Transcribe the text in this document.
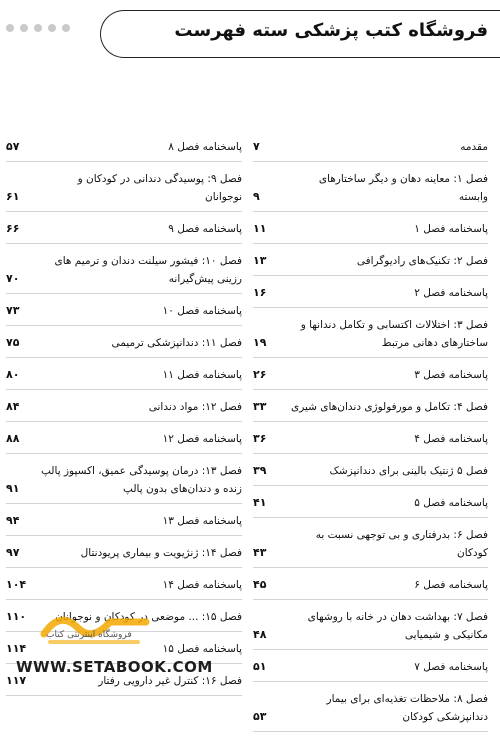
فروشگاه کتب پزشکی سته فهرست
مقدمه
۷
فصل ۱: معاینه دهان و دیگر ساختارهای وابسته
۹
پاسخنامه فصل ۱
۱۱
فصل ۲: تکنیک‌های رادیوگرافی
۱۳
پاسخنامه فصل ۲
۱۶
فصل ۳: اختلالات اکتسابی و تکامل دندانها و ساختارهای دهانی مرتبط
۱۹
پاسخنامه فصل ۳
۲۶
فصل ۴: تکامل و مورفولوژی دندان‌های شیری
۳۳
پاسخنامه فصل ۴
۳۶
فصل ۵ ژنتیک بالینی برای دندانپزشک
۳۹
پاسخنامه فصل ۵
۴۱
فصل ۶: بدرفتاری و بی توجهی نسبت به کودکان
۴۳
پاسخنامه فصل ۶
۴۵
فصل ۷: بهداشت دهان در خانه با روشهای مکانیکی و شیمیایی
۴۸
پاسخنامه فصل ۷
۵۱
فصل ۸: ملاحظات تغذیه‌ای برای بیمار دندانپزشکی کودکان
۵۳
پاسخنامه فصل ۸
۵۷
فصل ۹: پوسیدگی دندانی در کودکان و نوجوانان
۶۱
پاسخنامه فصل ۹
۶۶
فصل ۱۰: فیشور سیلنت دندان و ترمیم های رزینی پیش‌گیرانه
۷۰
پاسخنامه فصل ۱۰
۷۳
فصل ۱۱: دندانپزشکی ترمیمی
۷۵
پاسخنامه فصل ۱۱
۸۰
فصل ۱۲: مواد دندانی
۸۴
پاسخنامه فصل ۱۲
۸۸
فصل ۱۳: درمان پوسیدگی عمیق، اکسپوز پالپ زنده و دندان‌های بدون پالپ
۹۱
پاسخنامه فصل ۱۳
۹۴
فصل ۱۴: ژنژیویت و بیماری پریودنتال
۹۷
پاسخنامه فصل ۱۴
۱۰۴
فصل ۱۵: ... موضعی در کودکان و نوجوانان
۱۱۰
پاسخنامه فصل ۱۵
۱۱۴
فصل ۱۶: کنترل غیر دارویی رفتار
۱۱۷
فروشگاه اینترنتی کتاب
WWW.SETABOOK.COM
